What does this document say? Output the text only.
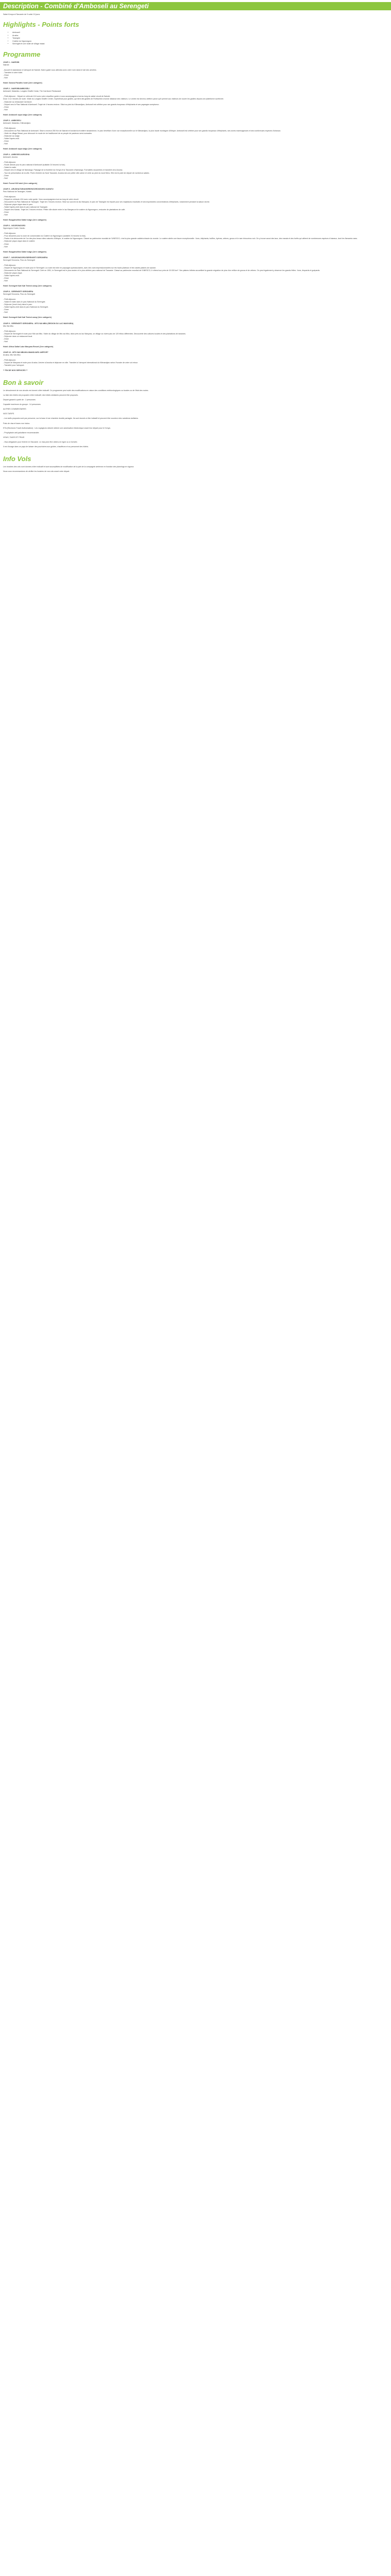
Description - Combiné d'Amboseli au Serengeti
Safari Kenya et Tanzanie de 9 nuits/ 10 jours
Highlights - Points forts
• Amboseli
• Arusha
• Tarangire
• Cratère du Ngorongoro
• Serengeti et une visite de village masai
Programme
JOUR 1 - NAIROBI
Nairobi
- Accueil et assistance à l'aéroport de Nairobi. Notre guide vous attendra avec votre nom dans le hall des arrivées.
- Transfert à votre hôtel.
- Dîner
- Nuit
Hotel: Sarova Panafric hotel (1ère catégorie)
JOUR 2 - NAIROBI/AMBOSELI
Amboseli, Malambo, Longido Giraffe Cedar, The Carnivore Restaurant
- Petit déjeuner - Départ en véhicule 4X4 avec votre chauffeur guide à vous accompagnera tout au long du safari circuit de Nairobi.
Dour: 3 à 4 heures de route. Visite du Longido Giraffe Center, l'orphelinat pour girafes, qui tient des girafes de Rothschild à bonne distance des visiteurs. Le centre est devenu célèbre parce qu'il permet aux visiteurs de nourrir les girafes depuis une plateforme surélevée.
- Déjeuner au restaurant Carnivore.
- Départ vers le Parc National d'Amboseli. Trajet de 4 heures environ. Situé au pied du Kilimandjaro, Amboseli est célèbre pour ses grands troupeaux d'éléphants et ses paysages somptueux.
- Dîner
- Nuit
Hotel: Amboseli sopa lodge (1ère catégorie)
JOUR 3 - AMBOSELI
Amboseli, Malambo, Kilimandjaro
- Petit déjeuner.
- Découverte du Parc National de Amboseli. Situé à environ 250 Km de Nairobi et bordant la frontière tanzanienne, le parc bénéficie d'une vue exceptionnelle sur le Kilimandjaro, la plus haute montagne d'Afrique. Amboseli est célèbre pour ses grands troupeaux d'éléphants, ses zones marécageuses et ses nombreuses espèces d'oiseaux.
- Visite du village Masai, pour découvrir le mode de vie traditionnel de ce peuple de pasteurs semi-nomades.
- Déjeuner au lodge.
- Safari l'après-midi.
- Dîner
- Nuit
Hotel: Amboseli sopa lodge (1ère catégorie)
JOUR 4 - AMBOSELI/ARUSHA
Amboseli, Arusha
- Petit déjeuner.
- Route directe pour le parc national d'Amboseli (suitable 24 heures/ la fois).
- Safari le matin.
- Départ vers le village de Namanga. Passage de la frontière du Kenya et la Tanzanie à Namanga. Formalités douanières et transfert vers Arusha.
- Tour de présentation de la ville. Porte d'entrée du Nord Tanzanie, Arusha est une petite ville calme et verte au pied du mont Meru. Elle est le point de départ de nombreux safaris.
- Dîner
- Nuit
Hotel: Forest Hill hotel (1ère catégorie)
JOUR 5 - ARUSHA/TARANGIRE/NGORONGORO KARATU
Parc National de Tarangire, Karatu
- Petit déjeuner.
- Départ en véhicule 4X4 avec votre guide. Vous accompagnera tout au long de votre circuit.
- Découverte du Parc National de Tarangire. Trajet de 2 heures environ. Situé au sud-est du lac Manyara, le parc de Tarangire est réputé pour ses majestueux baobabs et ses importantes concentrations d'éléphants, notamment pendant la saison sèche.
- Déjeuner pique-nique dans le parc.
- Safari l'après-midi dans le parc national de Tarangire.
- Départ vers Karatu. Trajet de 2 heures environ. Petite ville située entre le lac Manyara et le cratère du Ngorongoro, entourée de plantations de café.
- Dîner
- Nuit
Hotel: Bougainvillea Safari lodge (1ère catégorie)
JOUR 6 - NGORONGORO
Ngorongoro Crater, Karatu
- Petit déjeuner.
- Pour descente pour la zone de conservation du Cratère du Ngorongoro (suitable 24 heures/ la fois).
- Partez à la découverte de l'un des plus beaux sites naturels d'Afrique, le cratère du Ngorongoro. Classé au patrimoine mondial de l'UNESCO, c'est la plus grande caldeira intacte du monde. Le cratère abrite une faune exceptionnelle : lions, éléphants, buffles, hyènes, zèbres, gnous et le rare rhinocéros noir. On y trouve aussi des lacs, des marais et des forêts qui attirent de nombreuses espèces d'oiseaux, dont les flamants roses.
- Déjeuner pique-nique dans le cratère.
- Dîner
- Nuit
Hotel: Bougainvillea Safari lodge (1ère catégorie)
JOUR 7 - NGORONGORO/SERENGETI SERONERA
Serengeti Seronera, Parc du Serengeti
- Petit déjeuner.
- Départ de Ngorongoro et route pour le Serengeti. La route est riche en paysages spectaculaires, avec des vues impressionnantes sur les hauts plateaux et les vastes plaines de savane.
- Découverte du Parc National du Serengeti. Créé en 1951, le Serengeti est le plus ancien et le plus célèbre parc national de Tanzanie. Classé au patrimoine mondial de l'UNESCO, il s'étend sur près de 15 000 km². Ses plaines infinies accueillent la grande migration de plus d'un million de gnous et de zèbres. On peut également y observer les grands félins : lions, léopards et guépards.
- Déjeuner pique-nique.
- Safari l'après-midi.
- Dîner
- Nuit
Hotel: Serengeti Kati Kati Tented camp (1ère catégorie)
JOUR 8 - SERENGETI SERONERA
Serengeti Seronera, Parc du Serengeti
- Petit déjeuner.
- Safari le matin dans le parc National du Serengeti.
- Déjeuner (lunch box) dans le parc.
- Safari l'après-midi dans le parc National du Serengeti.
- Dîner
- Nuit
Hotel: Serengeti Kati Kati Tented camp (1ère catégorie)
JOUR 9 - SERENGETI SERONERA - MTO WA MBU (REGION DU LAC MANYARA)
Mto Wa Mbu
- Petit déjeuner.
- Départ de Serengeti et route pour Mto wa Mbu. Visite du village de Mto wa Mbu, situé près du lac Manyara, un village où vivent plus de 120 tribus différentes. Découverte des cultures locales et des plantations de bananes.
- Déjeuner dans un restaurant local.
- Dîner
- Nuit
Hotel: Africa Safari Lake Manyara Resort (1ère catégorie)
JOUR 10 - MTO WA MBU/KILIMANDJARO AIRPORT
Arusha, Mto Wa Mbu
- Petit déjeuner.
- Départ de Manyara et route pour Arusha. Arrivée à Arusha et déjeuner en ville. Transfert à l'aéroport international du Kilimandjaro selon l'horaire de votre vol retour.
- Transfert pour l'aéroport.
** FIN DE NOS SERVICES **
Bon à savoir
Le déroulement de nos circuits est donné à titre indicatif. Ce programme peut subir des modifications en raison des conditions météorologiques ou locales ou de l'état des routes.
La liste des hôtels est proposée à titre indicatif, des hôtels similaires peuvent être proposés.
Départ garanti à partir de : 2 personnes
Capacité maximum du groupe : 14 personnes
AUTRES COMMENTAIRES
NOS TARIFS
- Les tarifs proposés sont par personne, sur la base d'une chambre double partagée. Ils sont donnés à titre indicatif et peuvent être soumis à des variations tarifaires.
Frais de visa et taxes non inclus.
ETA (Electronic Travel Authorization) : Les voyageurs doivent obtenir une autorisation électronique avant leur départ pour le Kenya.
- Prophylaxie anti-paludisme recommandée.
VISAS, TAXES ET FRAIS
- Visa obligatoire pour l'entrée en Tanzanie. Le visa peut être obtenu en ligne ou à l'arrivée.
Il est d'usage dans ce pays de laisser des pourboires aux guides, chauffeurs et au personnel des hôtels.
Info Vols
Les horaires des vols sont donnés à titre indicatif et sont susceptibles de modification de la part de la compagnie aérienne en fonction des plannings en vigueur.
Nous vous recommandons de vérifier les horaires de vos vols avant votre départ.
